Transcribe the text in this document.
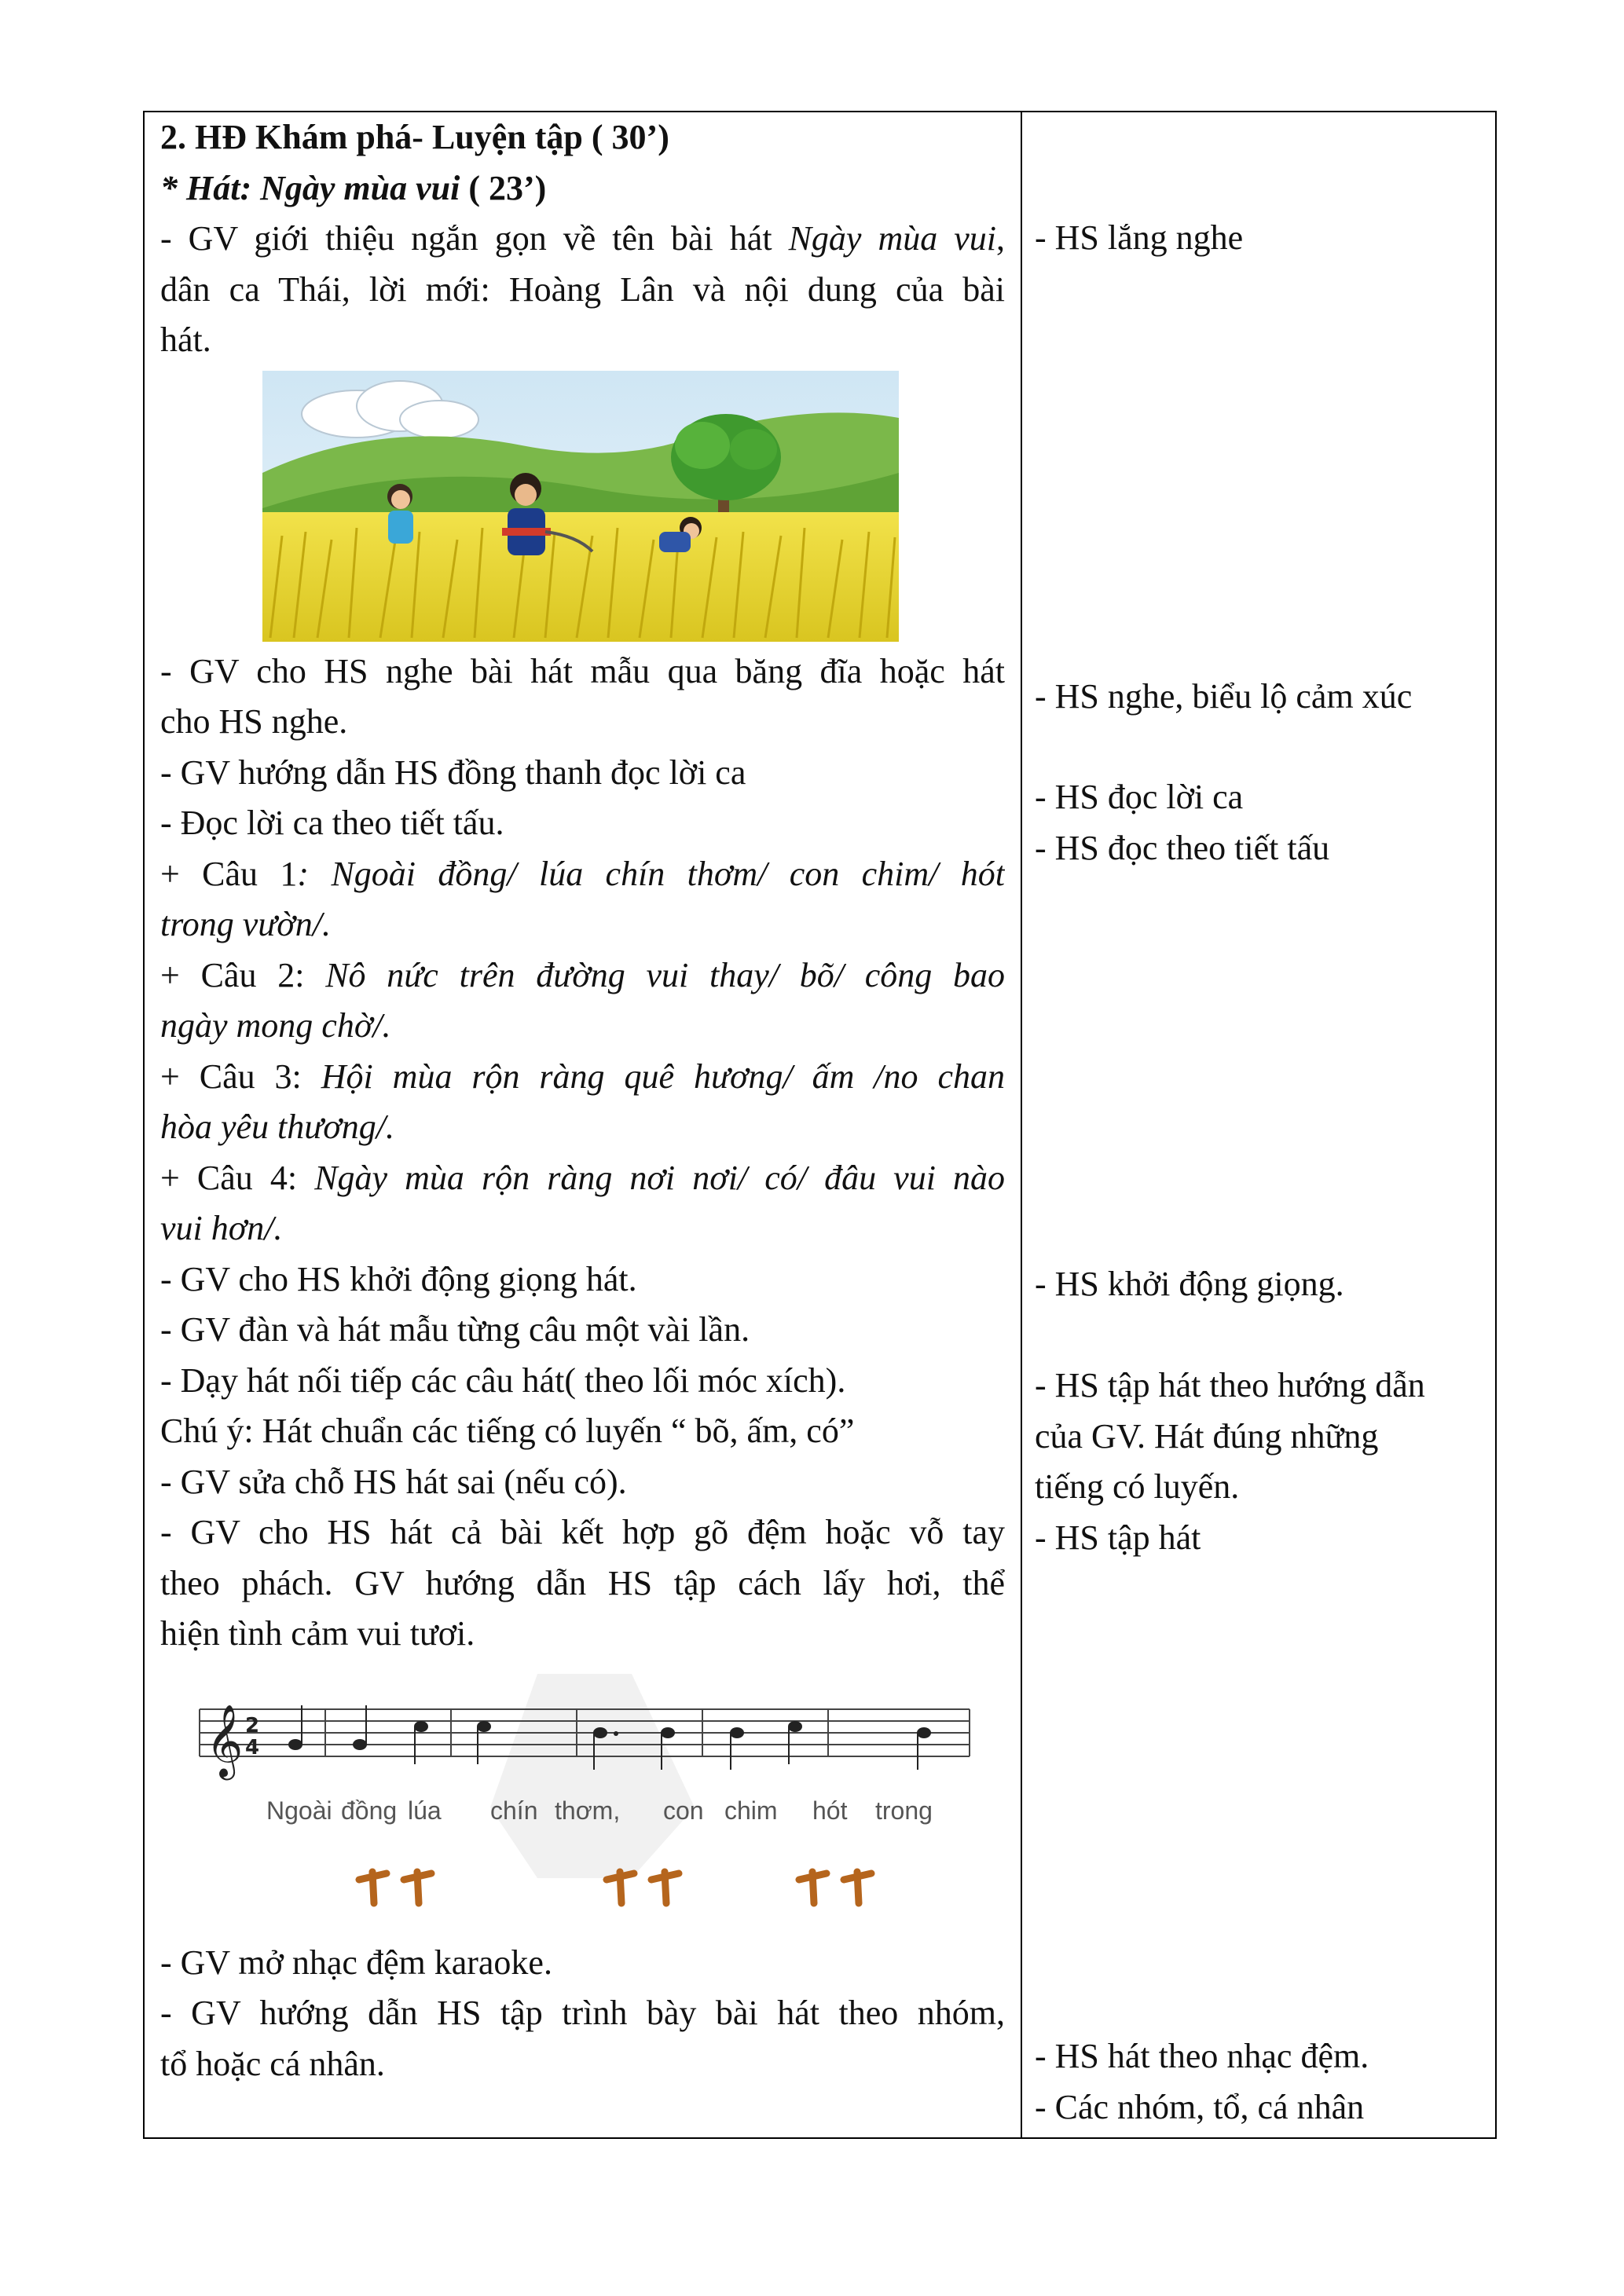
2. HĐ Khám phá- Luyện tập ( 30’)
* Hát: Ngày mùa vui ( 23’)
- GV giới thiệu ngắn gọn về tên bài hát Ngày mùa vui,
dân ca Thái, lời mới: Hoàng Lân và nội dung của bài
hát.
- GV cho HS nghe bài hát mẫu qua băng đĩa hoặc hát
cho HS nghe.
- GV hướng dẫn HS đồng thanh đọc lời ca
- Đọc lời ca theo tiết tấu.
+ Câu 1: Ngoài đồng/ lúa chín thơm/ con chim/ hót
trong vườn/.
+ Câu 2: Nô nức trên đường vui thay/ bõ/ công bao
ngày mong chờ/.
+ Câu 3: Hội mùa rộn ràng quê hương/ ấm /no chan
hòa yêu thương/.
+ Câu 4: Ngày mùa rộn ràng nơi nơi/ có/ đâu vui nào
vui hơn/.
- GV cho HS khởi động giọng hát.
- GV đàn và hát mẫu từng câu một vài lần.
- Dạy hát nối tiếp các câu hát( theo lối móc xích).
Chú ý: Hát chuẩn các tiếng có luyến “ bõ, ấm, có”
- GV sửa chỗ HS hát sai (nếu có).
- GV cho HS hát cả bài kết hợp gõ đệm hoặc vỗ tay
theo phách. GV hướng dẫn HS tập cách lấy hơi, thể
hiện tình cảm vui tươi.
𝄞 2
4
Ngoài đồng lúa chín thơm, con chim hót trong
- GV mở nhạc đệm karaoke.
- GV hướng dẫn HS tập trình bày bài hát theo nhóm,
tổ hoặc cá nhân.
- HS lắng nghe
- HS nghe, biểu lộ cảm xúc
- HS đọc lời ca
- HS đọc theo tiết tấu
- HS khởi động giọng.
- HS tập hát theo hướng dẫn
của GV. Hát đúng những
tiếng có luyến.
- HS tập hát
- HS hát theo nhạc đệm.
- Các nhóm, tổ, cá nhân
